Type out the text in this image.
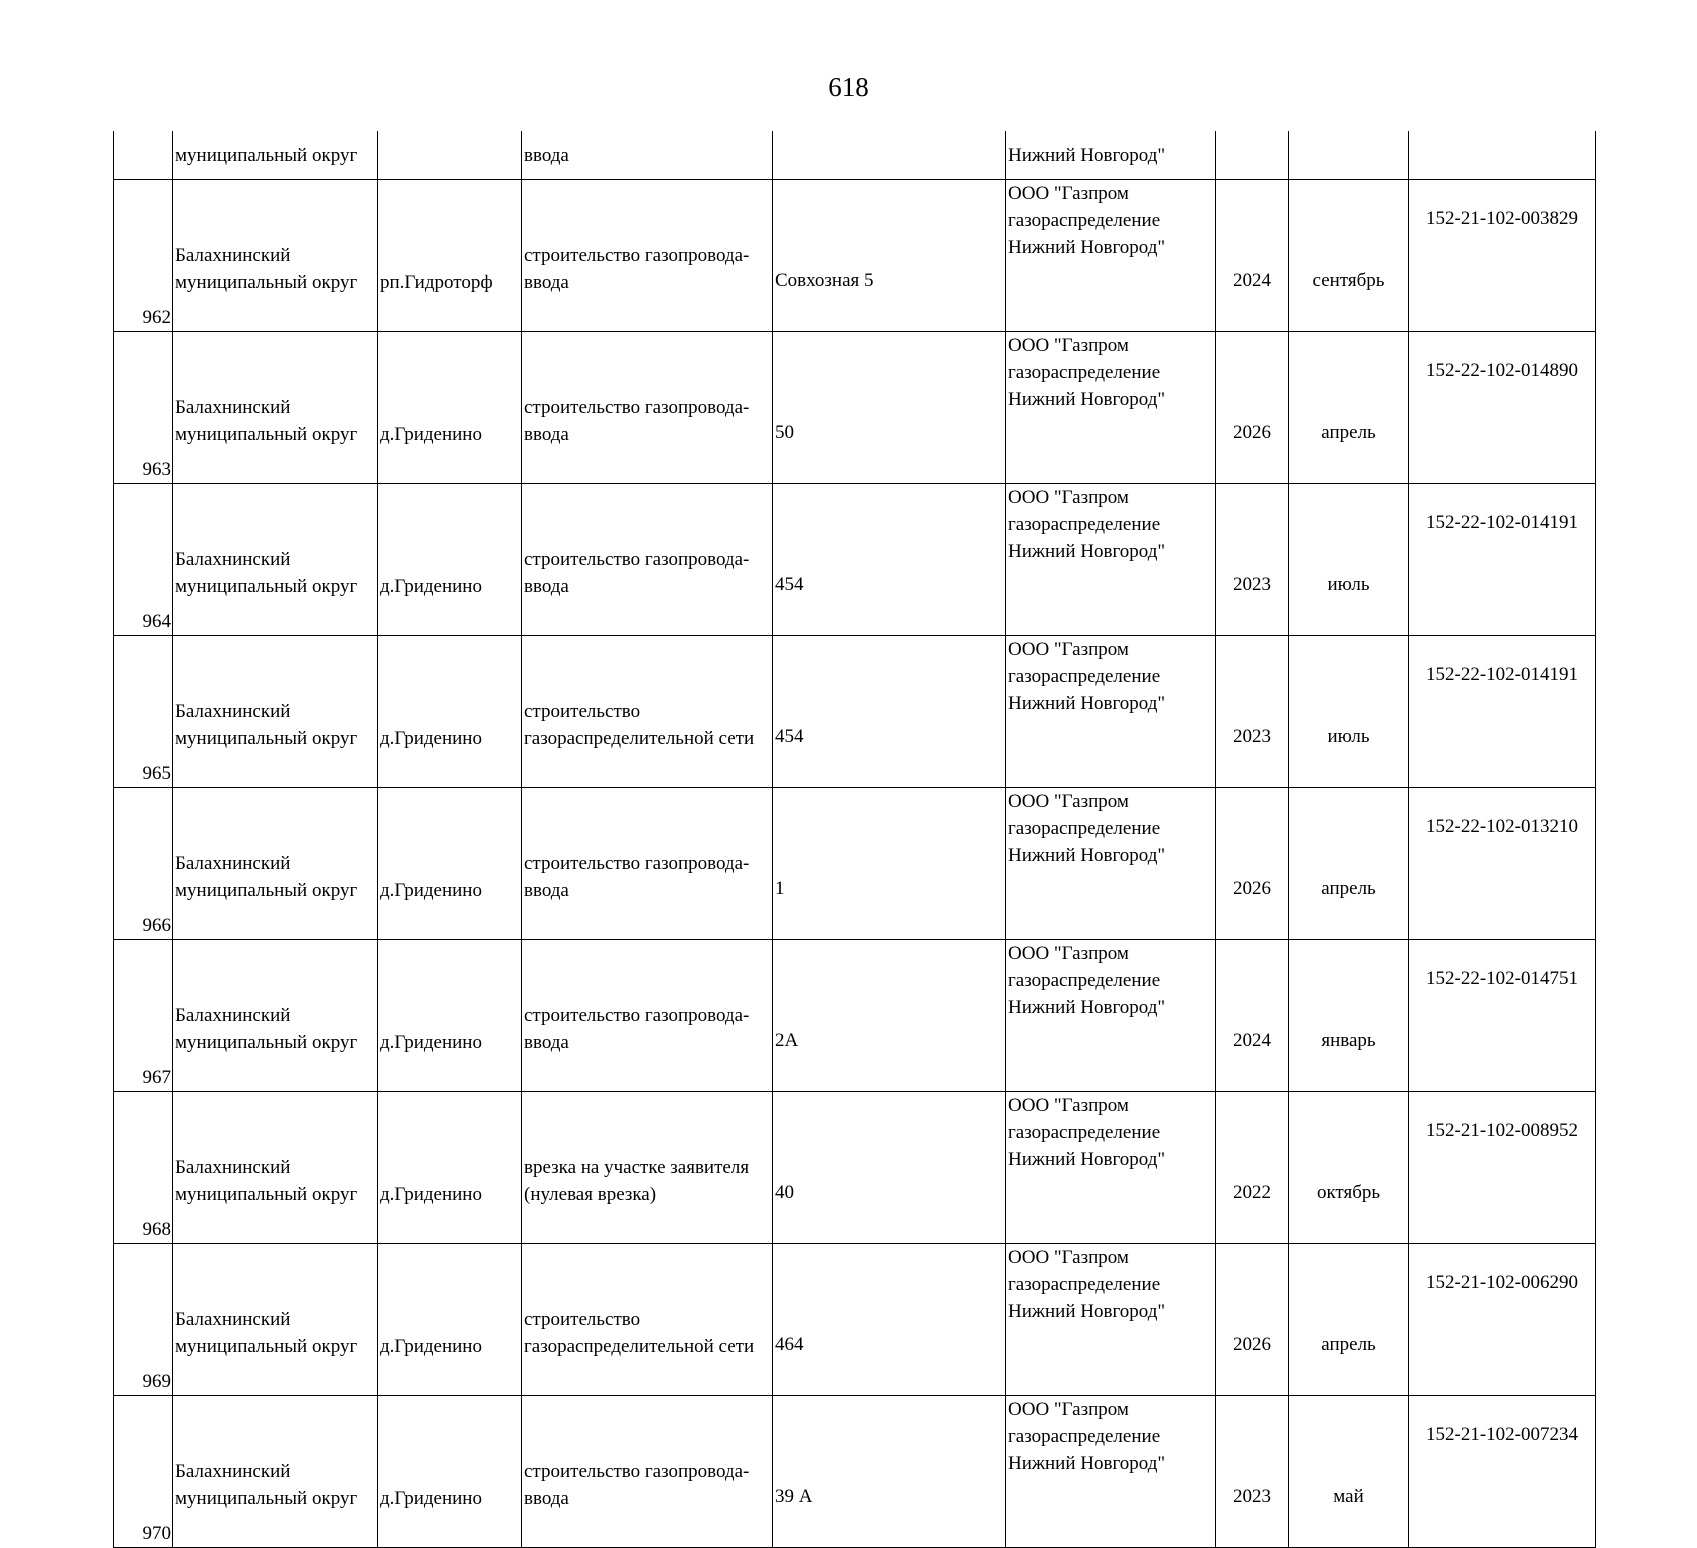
618
	муниципальный округ		ввода		Нижний Новгород"			
962	Балахнинский
муниципальный округ	рп.Гидроторф	строительство газопровода-
ввода	Совхозная 5	ООО "Газпром
газораспределение
Нижний Новгород"	2024	сентябрь	152-21-102-003829
963	Балахнинский
муниципальный округ	д.Гриденино	строительство газопровода-
ввода	50	ООО "Газпром
газораспределение
Нижний Новгород"	2026	апрель	152-22-102-014890
964	Балахнинский
муниципальный округ	д.Гриденино	строительство газопровода-
ввода	454	ООО "Газпром
газораспределение
Нижний Новгород"	2023	июль	152-22-102-014191
965	Балахнинский
муниципальный округ	д.Гриденино	строительство
газораспределительной сети	454	ООО "Газпром
газораспределение
Нижний Новгород"	2023	июль	152-22-102-014191
966	Балахнинский
муниципальный округ	д.Гриденино	строительство газопровода-
ввода	1	ООО "Газпром
газораспределение
Нижний Новгород"	2026	апрель	152-22-102-013210
967	Балахнинский
муниципальный округ	д.Гриденино	строительство газопровода-
ввода	2А	ООО "Газпром
газораспределение
Нижний Новгород"	2024	январь	152-22-102-014751
968	Балахнинский
муниципальный округ	д.Гриденино	врезка на участке заявителя
(нулевая врезка)	40	ООО "Газпром
газораспределение
Нижний Новгород"	2022	октябрь	152-21-102-008952
969	Балахнинский
муниципальный округ	д.Гриденино	строительство
газораспределительной сети	464	ООО "Газпром
газораспределение
Нижний Новгород"	2026	апрель	152-21-102-006290
970	Балахнинский
муниципальный округ	д.Гриденино	строительство газопровода-
ввода	39 А	ООО "Газпром
газораспределение
Нижний Новгород"	2023	май	152-21-102-007234
